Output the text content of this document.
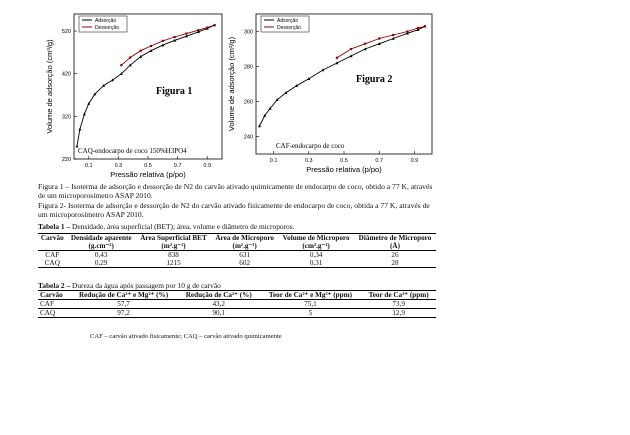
0.1	0.3	0.5	0.7	0.9
220
320
420
520
Pressão relativa (p/po)
Volume de adsorção (cm³/g)
Adsorção
Dessorção
Figura 1
CAQ-endocarpo de coco 150%H3PO4
0.1	0.3	0.5	0.7	0.9
240
260
280
300
Pressão relativa (p/po)
Volume de adsorção (cm³/g)
Adsorção
Dessorção
Figura 2
CAF-endocarpo de coco
Figura 1 – Isoterma de adsorção e dessorção de N2 do carvão ativado quimicamente de endocarpo de coco, obtido a 77 K, através de um microporosímetro ASAP 2010.
Figura 2- Isoterma de adsorção e dessorção de N2 do carvão ativado fisicamente de endocarpo de coco, obtida a 77 K, através de um microporosímetro ASAP 2010.
Tabela 1 – Densidade, área superficial (BET); área, volume e diâmetro de microporos.
Carvão	Densidade aparente	Área Superficial BET	Área de Microporo	Volume de Microporo	Diâmetro de Microporo
	(g.cm⁻³)	(m².g⁻¹)	(m².g⁻¹)	(cm³.g⁻¹)	(Å)
CAF	0,43	838	631	0,34	26
CAQ	0,29	1215	602	0,31	28
Tabela 2 – Dureza da água após passagem por 10 g de carvão
Carvão	Redução de Ca²⁺ e Mg²⁺ (%)	Redução de Ca²⁺ (%)	Teor de Ca²⁺ e Mg²⁺ (ppm)	Teor de Ca²⁺ (ppm)
CAF	57,7	43,2	75,1	73,9
CAQ	97,2	90,1	5	12,9
CAF – carvão ativado fisicamente; CAQ – carvão ativado quimicamente
